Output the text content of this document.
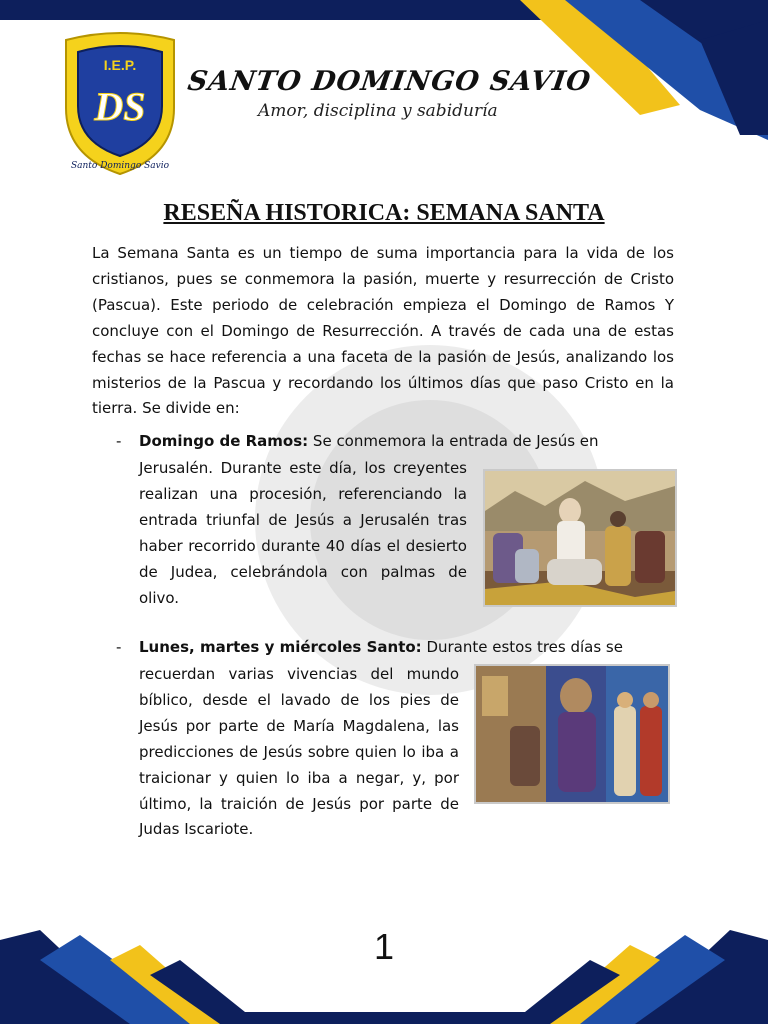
I.E.P.
DS
Santo Domingo Savio
SANTO DOMINGO SAVIO
Amor, disciplina y sabiduría
RESEÑA HISTORICA: SEMANA SANTA

La Semana Santa es un tiempo de suma importancia para la vida de los cristianos, pues se conmemora la pasión, muerte y resurrección de Cristo (Pascua). Este periodo de celebración empieza el Domingo de Ramos Y concluye con el Domingo de Resurrección. A través de cada una de estas fechas se hace referencia a una faceta de la pasión de Jesús, analizando los misterios de la Pascua y recordando los últimos días que paso Cristo en la tierra. Se divide en:

- Domingo de Ramos: Se conmemora la entrada de Jesús en

Jerusalén. Durante este día, los creyentes realizan una procesión, referenciando la entrada triunfal de Jesús a Jerusalén tras haber recorrido durante 40 días el desierto de Judea, celebrándola con palmas de olivo.

- Lunes, martes y miércoles Santo: Durante estos tres días se

recuerdan varias vivencias del mundo bíblico, desde el lavado de los pies de Jesús por parte de María Magdalena, las predicciones de Jesús sobre quien lo iba a traicionar y quien lo iba a negar, y, por último, la traición de Jesús por parte de Judas Iscariote.

1
